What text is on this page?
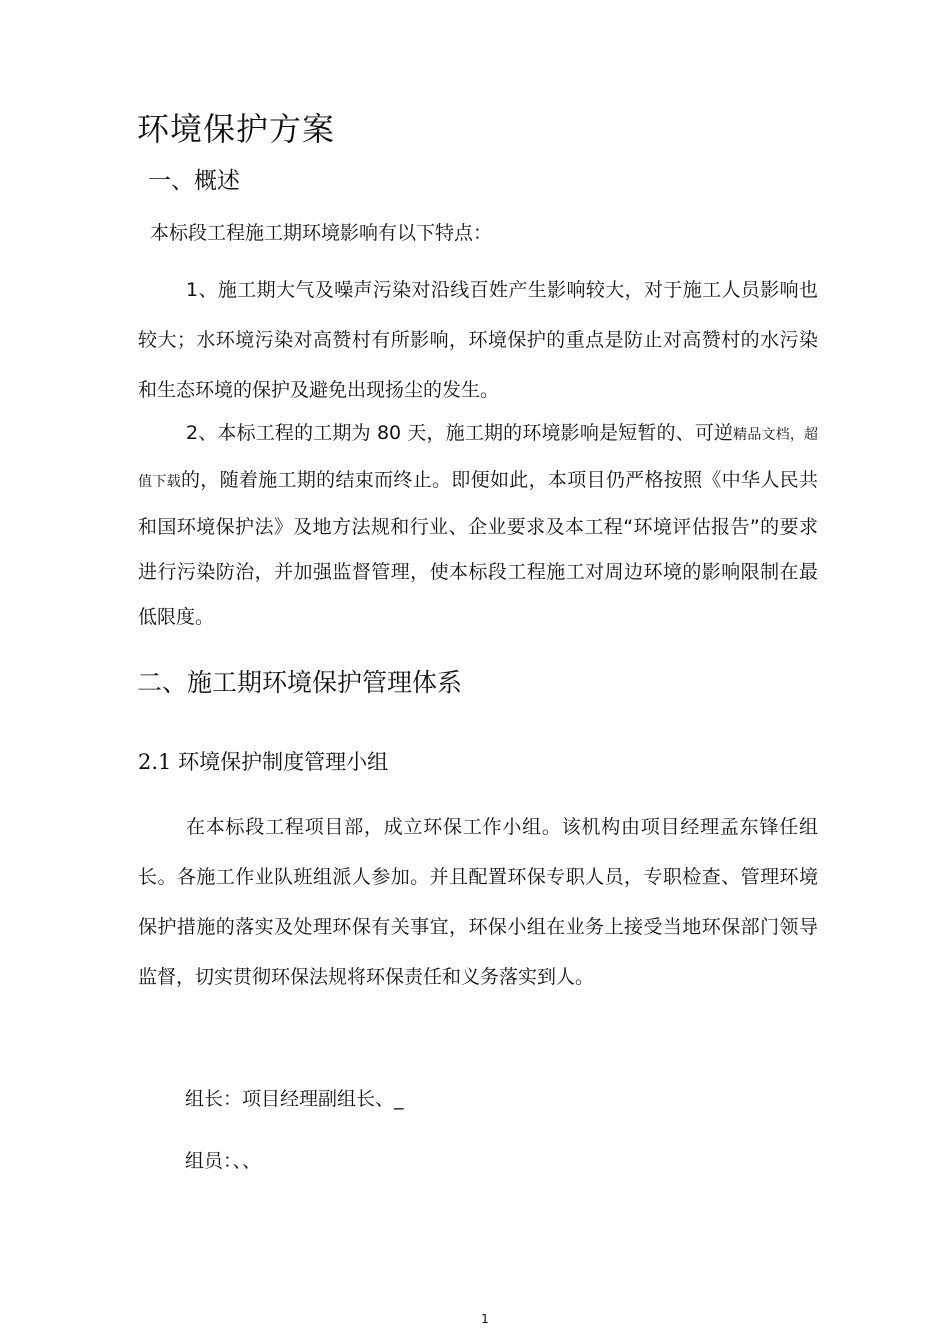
环境保护方案
一、概述

本标段工程施工期环境影响有以下特点：

1、施工期大气及噪声污染对沿线百姓产生影响较大，对于施工人员影响也较大；水环境污染对高赞村有所影响，环境保护的重点是防止对高赞村的水污染和生态环境的保护及避免出现扬尘的发生。

2、本标工程的工期为 80 天，施工期的环境影响是短暂的、可逆精品文档，超值下载的，随着施工期的结束而终止。即便如此，本项目仍严格按照《中华人民共和国环境保护法》及地方法规和行业、企业要求及本工程“环境评估报告”的要求进行污染防治，并加强监督管理，使本标段工程施工对周边环境的影响限制在最低限度。

二、施工期环境保护管理体系
2.1 环境保护制度管理小组

在本标段工程项目部，成立环保工作小组。该机构由项目经理孟东锋任组长。各施工作业队班组派人参加。并且配置环保专职人员，专职检查、管理环境保护措施的落实及处理环保有关事宜，环保小组在业务上接受当地环保部门领导监督，切实贯彻环保法规将环保责任和义务落实到人。

组长：项目经理副组长、_

组员：、、

1
